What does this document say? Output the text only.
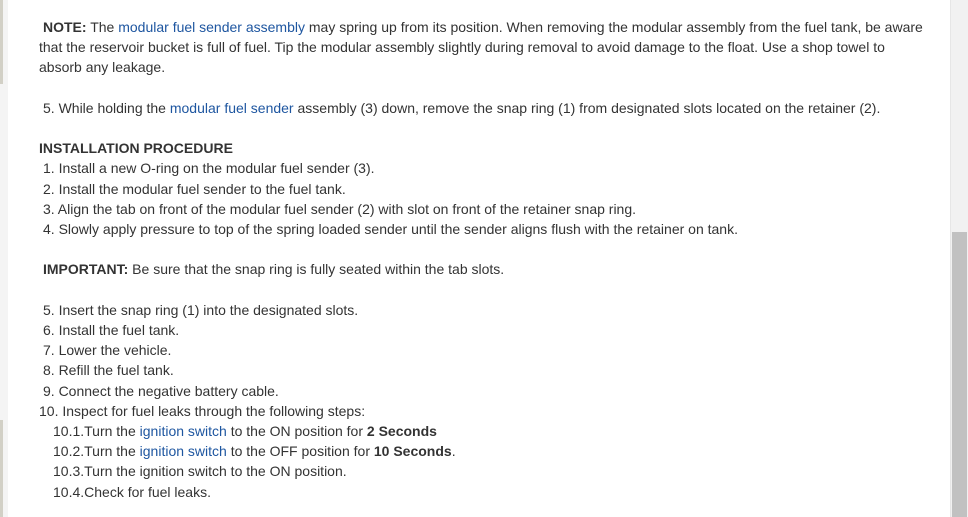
NOTE: The modular fuel sender assembly may spring up from its position. When removing the modular assembly from the fuel tank, be aware

that the reservoir bucket is full of fuel. Tip the modular assembly slightly during removal to avoid damage to the float. Use a shop towel to

absorb any leakage.

5. While holding the modular fuel sender assembly (3) down, remove the snap ring (1) from designated slots located on the retainer (2).

INSTALLATION PROCEDURE

1. Install a new O-ring on the modular fuel sender (3).

2. Install the modular fuel sender to the fuel tank.

3. Align the tab on front of the modular fuel sender (2) with slot on front of the retainer snap ring.

4. Slowly apply pressure to top of the spring loaded sender until the sender aligns flush with the retainer on tank.

IMPORTANT: Be sure that the snap ring is fully seated within the tab slots.

5. Insert the snap ring (1) into the designated slots.

6. Install the fuel tank.

7. Lower the vehicle.

8. Refill the fuel tank.

9. Connect the negative battery cable.

10. Inspect for fuel leaks through the following steps:

10.1.Turn the ignition switch to the ON position for 2 Seconds

10.2.Turn the ignition switch to the OFF position for 10 Seconds.

10.3.Turn the ignition switch to the ON position.

10.4.Check for fuel leaks.
